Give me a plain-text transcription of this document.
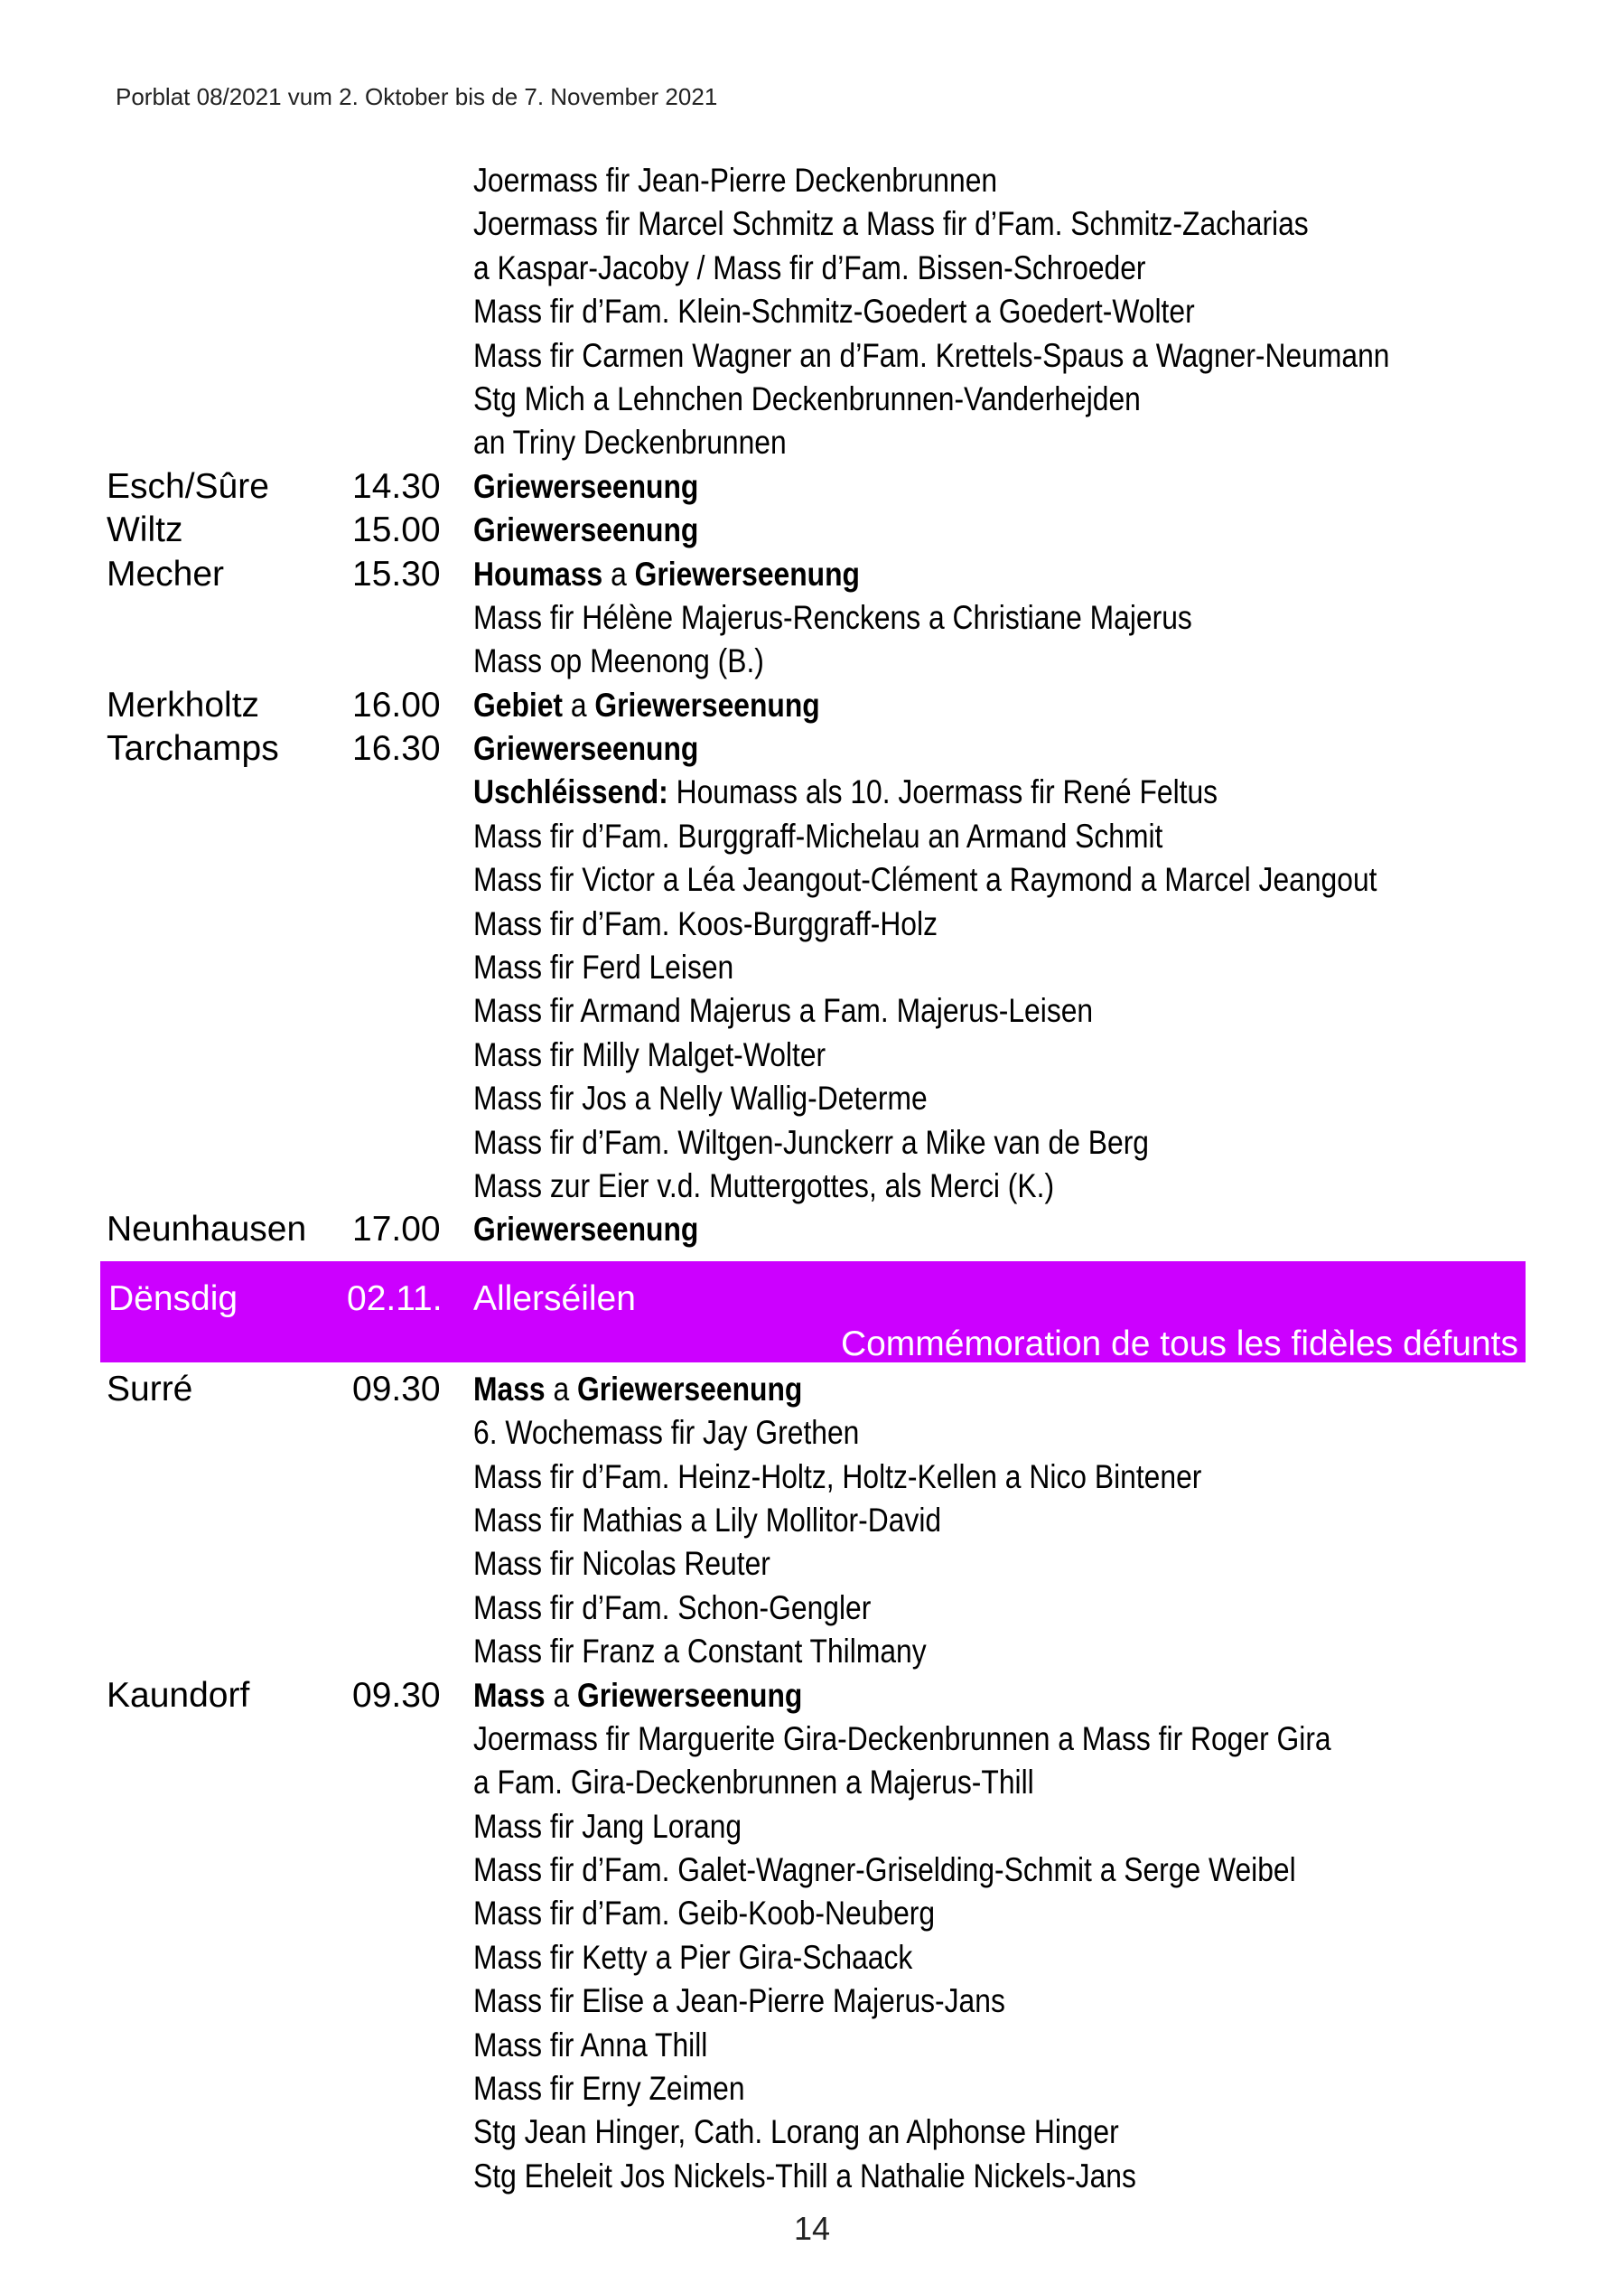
Porblat 08/2021 vum 2. Oktober bis de 7. November 2021
Joermass fir Jean-Pierre Deckenbrunnen
Joermass fir Marcel Schmitz a Mass fir d’Fam. Schmitz-Zacharias
a Kaspar-Jacoby / Mass fir d’Fam. Bissen-Schroeder
Mass fir d’Fam. Klein-Schmitz-Goedert a Goedert-Wolter
Mass fir Carmen Wagner an d’Fam. Krettels-Spaus a Wagner-Neumann
Stg Mich a Lehnchen Deckenbrunnen-Vanderhejden
an Triny Deckenbrunnen
Esch/Sûre 14.30 Griewerseenung
Wiltz	15.00 Griewerseenung
Mecher	15.30 Houmass a Griewerseenung
Mass fir Hélène Majerus-Renckens a Christiane Majerus
Mass op Meenong (B.)
Merkholtz	16.00 Gebiet a Griewerseenung
Tarchamps 16.30 Griewerseenung
Uschléissend: Houmass als 10. Joermass fir René Feltus
Mass fir d’Fam. Burggraff-Michelau an Armand Schmit
Mass fir Victor a Léa Jeangout-Clément a Raymond a Marcel Jeangout
Mass fir d’Fam. Koos-Burggraff-Holz
Mass fir Ferd Leisen
Mass fir Armand Majerus a Fam. Majerus-Leisen
Mass fir Milly Malget-Wolter
Mass fir Jos a Nelly Wallig-Determe
Mass fir d’Fam. Wiltgen-Junckerr a Mike van de Berg
Mass zur Eier v.d. Muttergottes, als Merci (K.)
Neunhausen 17.00 Griewerseenung
Dënsdig	02.11. Allerséilen
Commémoration de tous les fidèles défunts
Surré	09.30 Mass a Griewerseenung
6. Wochemass fir Jay Grethen
Mass fir d’Fam. Heinz-Holtz, Holtz-Kellen a Nico Bintener
Mass fir Mathias a Lily Mollitor-David
Mass fir Nicolas Reuter
Mass fir d’Fam. Schon-Gengler
Mass fir Franz a Constant Thilmany
Kaundorf	09.30 Mass a Griewerseenung
Joermass fir Marguerite Gira-Deckenbrunnen a Mass fir Roger Gira
a Fam. Gira-Deckenbrunnen a Majerus-Thill
Mass fir Jang Lorang
Mass fir d’Fam. Galet-Wagner-Griselding-Schmit a Serge Weibel
Mass fir d’Fam. Geib-Koob-Neuberg
Mass fir Ketty a Pier Gira-Schaack
Mass fir Elise a Jean-Pierre Majerus-Jans
Mass fir Anna Thill
Mass fir Erny Zeimen
Stg Jean Hinger, Cath. Lorang an Alphonse Hinger
Stg Eheleit Jos Nickels-Thill a Nathalie Nickels-Jans
14
